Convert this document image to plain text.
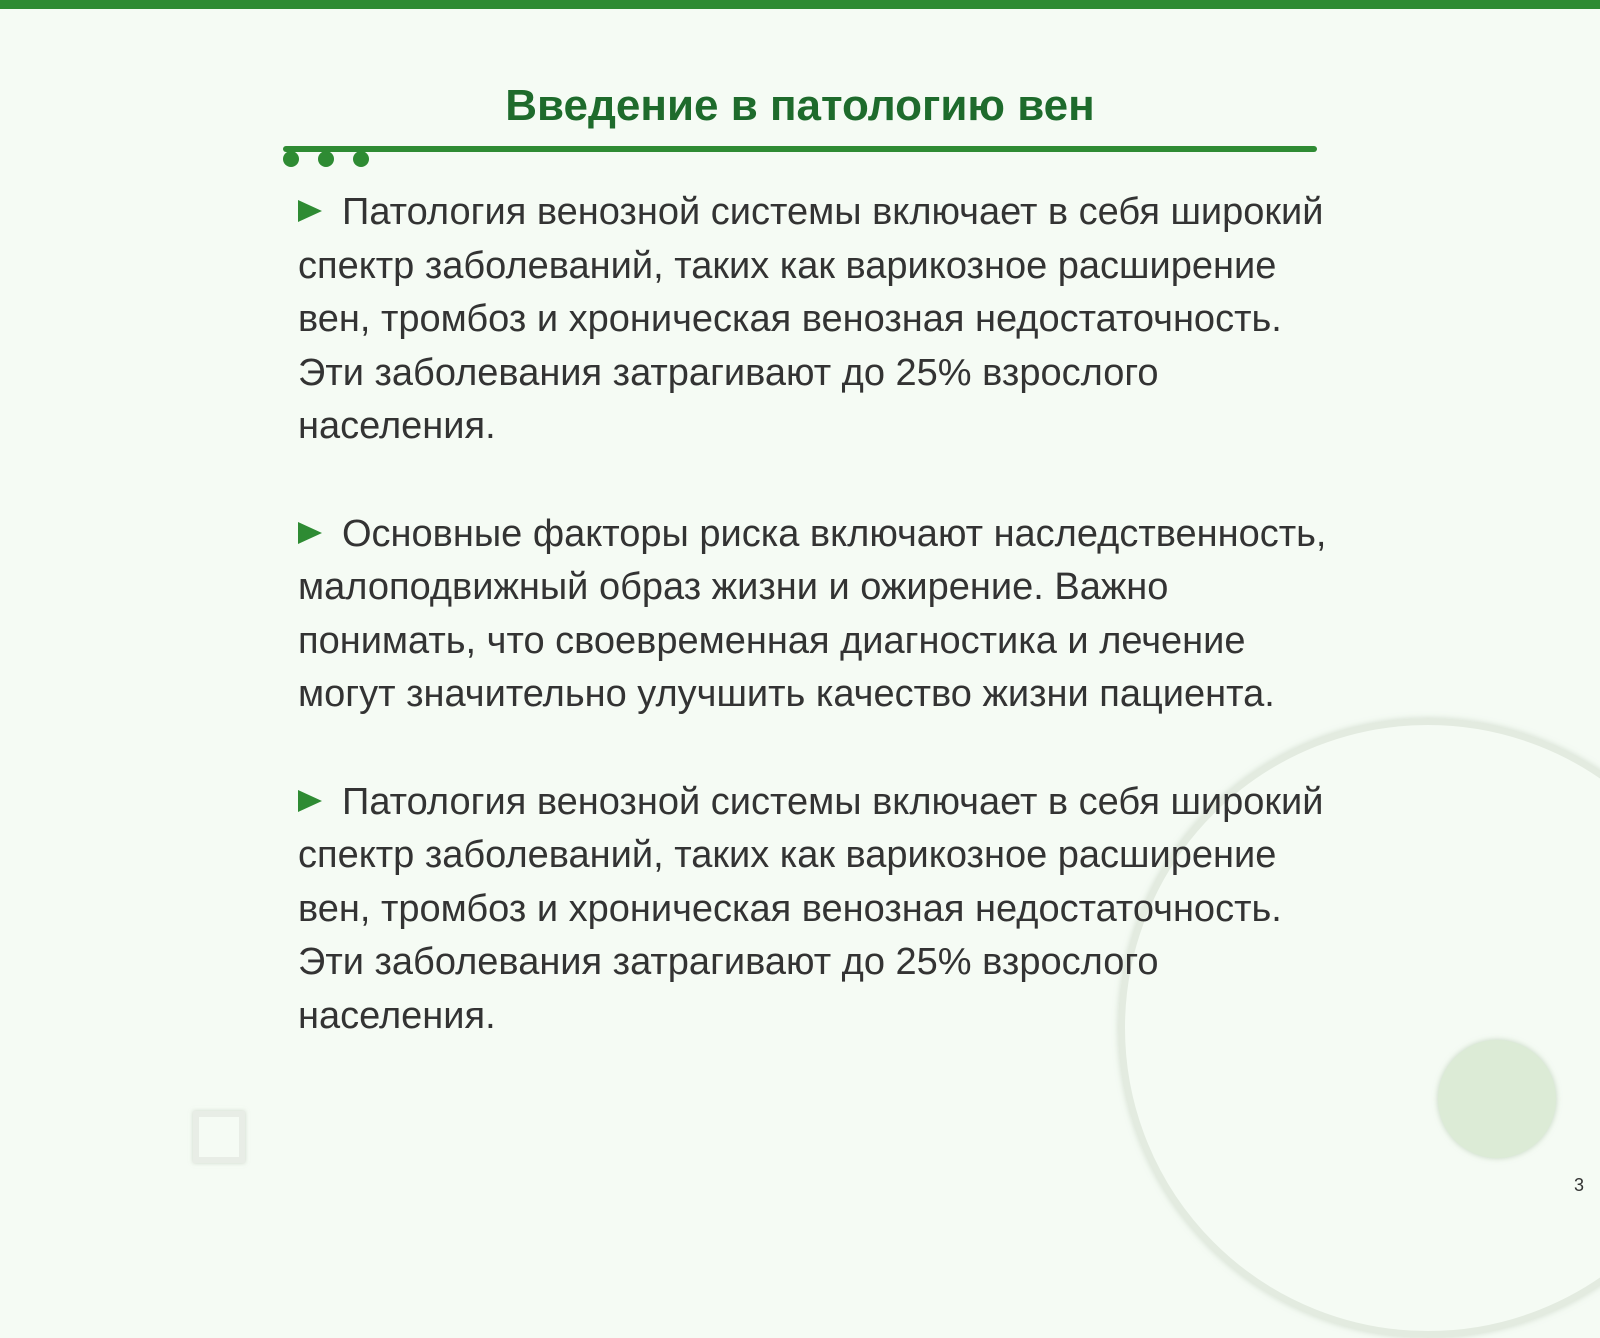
Введение в патологию вен

Патология венозной системы включает в себя широкий спектр заболеваний, таких как варикозное расширение вен, тромбоз и хроническая венозная недостаточность. Эти заболевания затрагивают до 25% взрослого населения.

Основные факторы риска включают наследственность, малоподвижный образ жизни и ожирение. Важно понимать, что своевременная диагностика и лечение могут значительно улучшить качество жизни пациента.

Патология венозной системы включает в себя широкий спектр заболеваний, таких как варикозное расширение вен, тромбоз и хроническая венозная недостаточность. Эти заболевания затрагивают до 25% взрослого населения.

3
